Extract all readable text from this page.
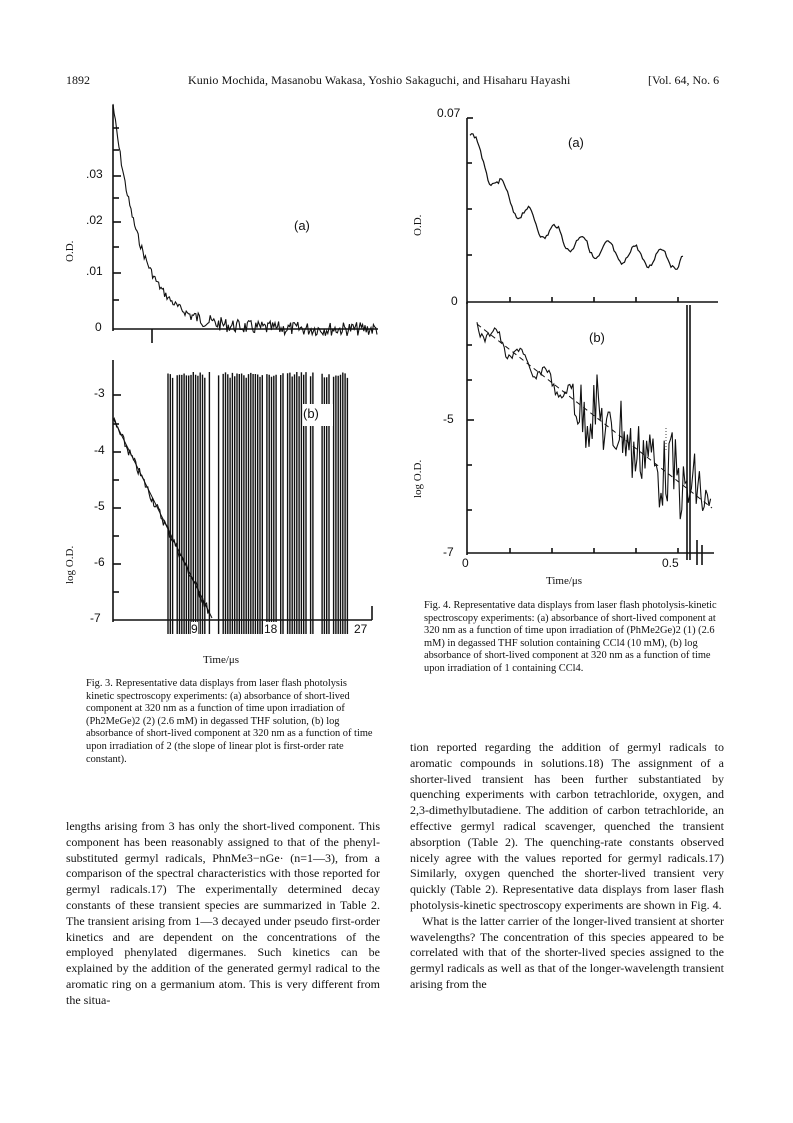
1892	Kunio Mochida, Masanobu Wakasa, Yoshio Sakaguchi, and Hisaharu Hayashi	[Vol. 64, No. 6
.03
.02
.01
0
-3
-4
-5
-6
-7
9	18	27
(a)
(b)
O.D.
log O.D.
Time/μs
Fig. 3. Representative data displays from laser flash photolysis kinetic spectroscopy experiments: (a) absorbance of short-lived component at 320 nm as a function of time upon irradiation of (Ph2MeGe)2 (2) (2.6 mM) in degassed THF solution, (b) log absorbance of short-lived component at 320 nm as a function of time upon irradiation of 2 (the slope of linear plot is first-order rate constant).
0.07
0
-5
-7
0	0.5
(a)
(b)
O.D.
log O.D.
Time/μs
Fig. 4. Representative data displays from laser flash photolysis-kinetic spectroscopy experiments: (a) absorbance of short-lived component at 320 nm as a function of time upon irradiation of (PhMe2Ge)2 (1) (2.6 mM) in degassed THF solution containing CCl4 (10 mM), (b) log absorbance of short-lived component at 320 nm as a function of time upon irradiation of 1 containing CCl4.

lengths arising from 3 has only the short-lived component. This component has been reasonably assigned to that of the phenyl-substituted germyl radicals, PhnMe3−nGe· (n=1—3), from a comparison of the spectral characteristics with those reported for germyl radicals.17) The experimentally determined decay constants of these transient species are summarized in Table 2. The transient arising from 1—3 decayed under pseudo first-order kinetics and are dependent on the concentrations of the employed phenylated digermanes. Such kinetics can be explained by the addition of the generated germyl radical to the aromatic ring on a germanium atom. This is very different from the situa-

tion reported regarding the addition of germyl radicals to aromatic compounds in solutions.18) The assignment of a shorter-lived transient has been further substantiated by quenching experiments with carbon tetrachloride, oxygen, and 2,3-dimethylbutadiene. The addition of carbon tetrachloride, an effective germyl radical scavenger, quenched the transient absorption (Table 2). The quenching-rate constants observed nicely agree with the values reported for germyl radicals.17) Similarly, oxygen quenched the shorter-lived transient very quickly (Table 2). Representative data displays from laser flash photolysis-kinetic spectroscopy experiments are shown in Fig. 4.

What is the latter carrier of the longer-lived transient at shorter wavelengths? The concentration of this species appeared to be correlated with that of the shorter-lived species assigned to the germyl radicals as well as that of the longer-wavelength transient arising from the
